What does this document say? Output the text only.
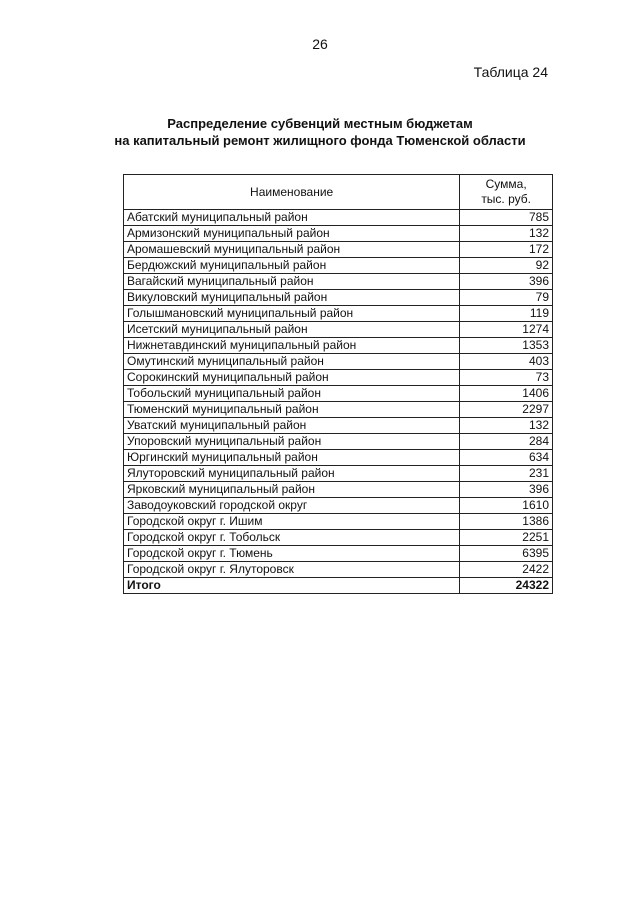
26
Таблица 24
Распределение субвенций местным бюджетам
на капитальный ремонт жилищного фонда Тюменской области
Наименование	Сумма,
тыс. руб.
Абатский муниципальный район	785
Армизонский муниципальный район	132
Аромашевский муниципальный район	172
Бердюжский муниципальный район	92
Вагайский муниципальный район	396
Викуловский муниципальный район	79
Голышмановский муниципальный район	119
Исетский муниципальный район	1274
Нижнетавдинский муниципальный район	1353
Омутинский муниципальный район	403
Сорокинский муниципальный район	73
Тобольский муниципальный район	1406
Тюменский муниципальный район	2297
Уватский муниципальный район	132
Упоровский муниципальный район	284
Юргинский муниципальный район	634
Ялуторовский муниципальный район	231
Ярковский муниципальный район	396
Заводоуковский городской округ	1610
Городской округ г. Ишим	1386
Городской округ г. Тобольск	2251
Городской округ г. Тюмень	6395
Городской округ г. Ялуторовск	2422
Итого	24322
